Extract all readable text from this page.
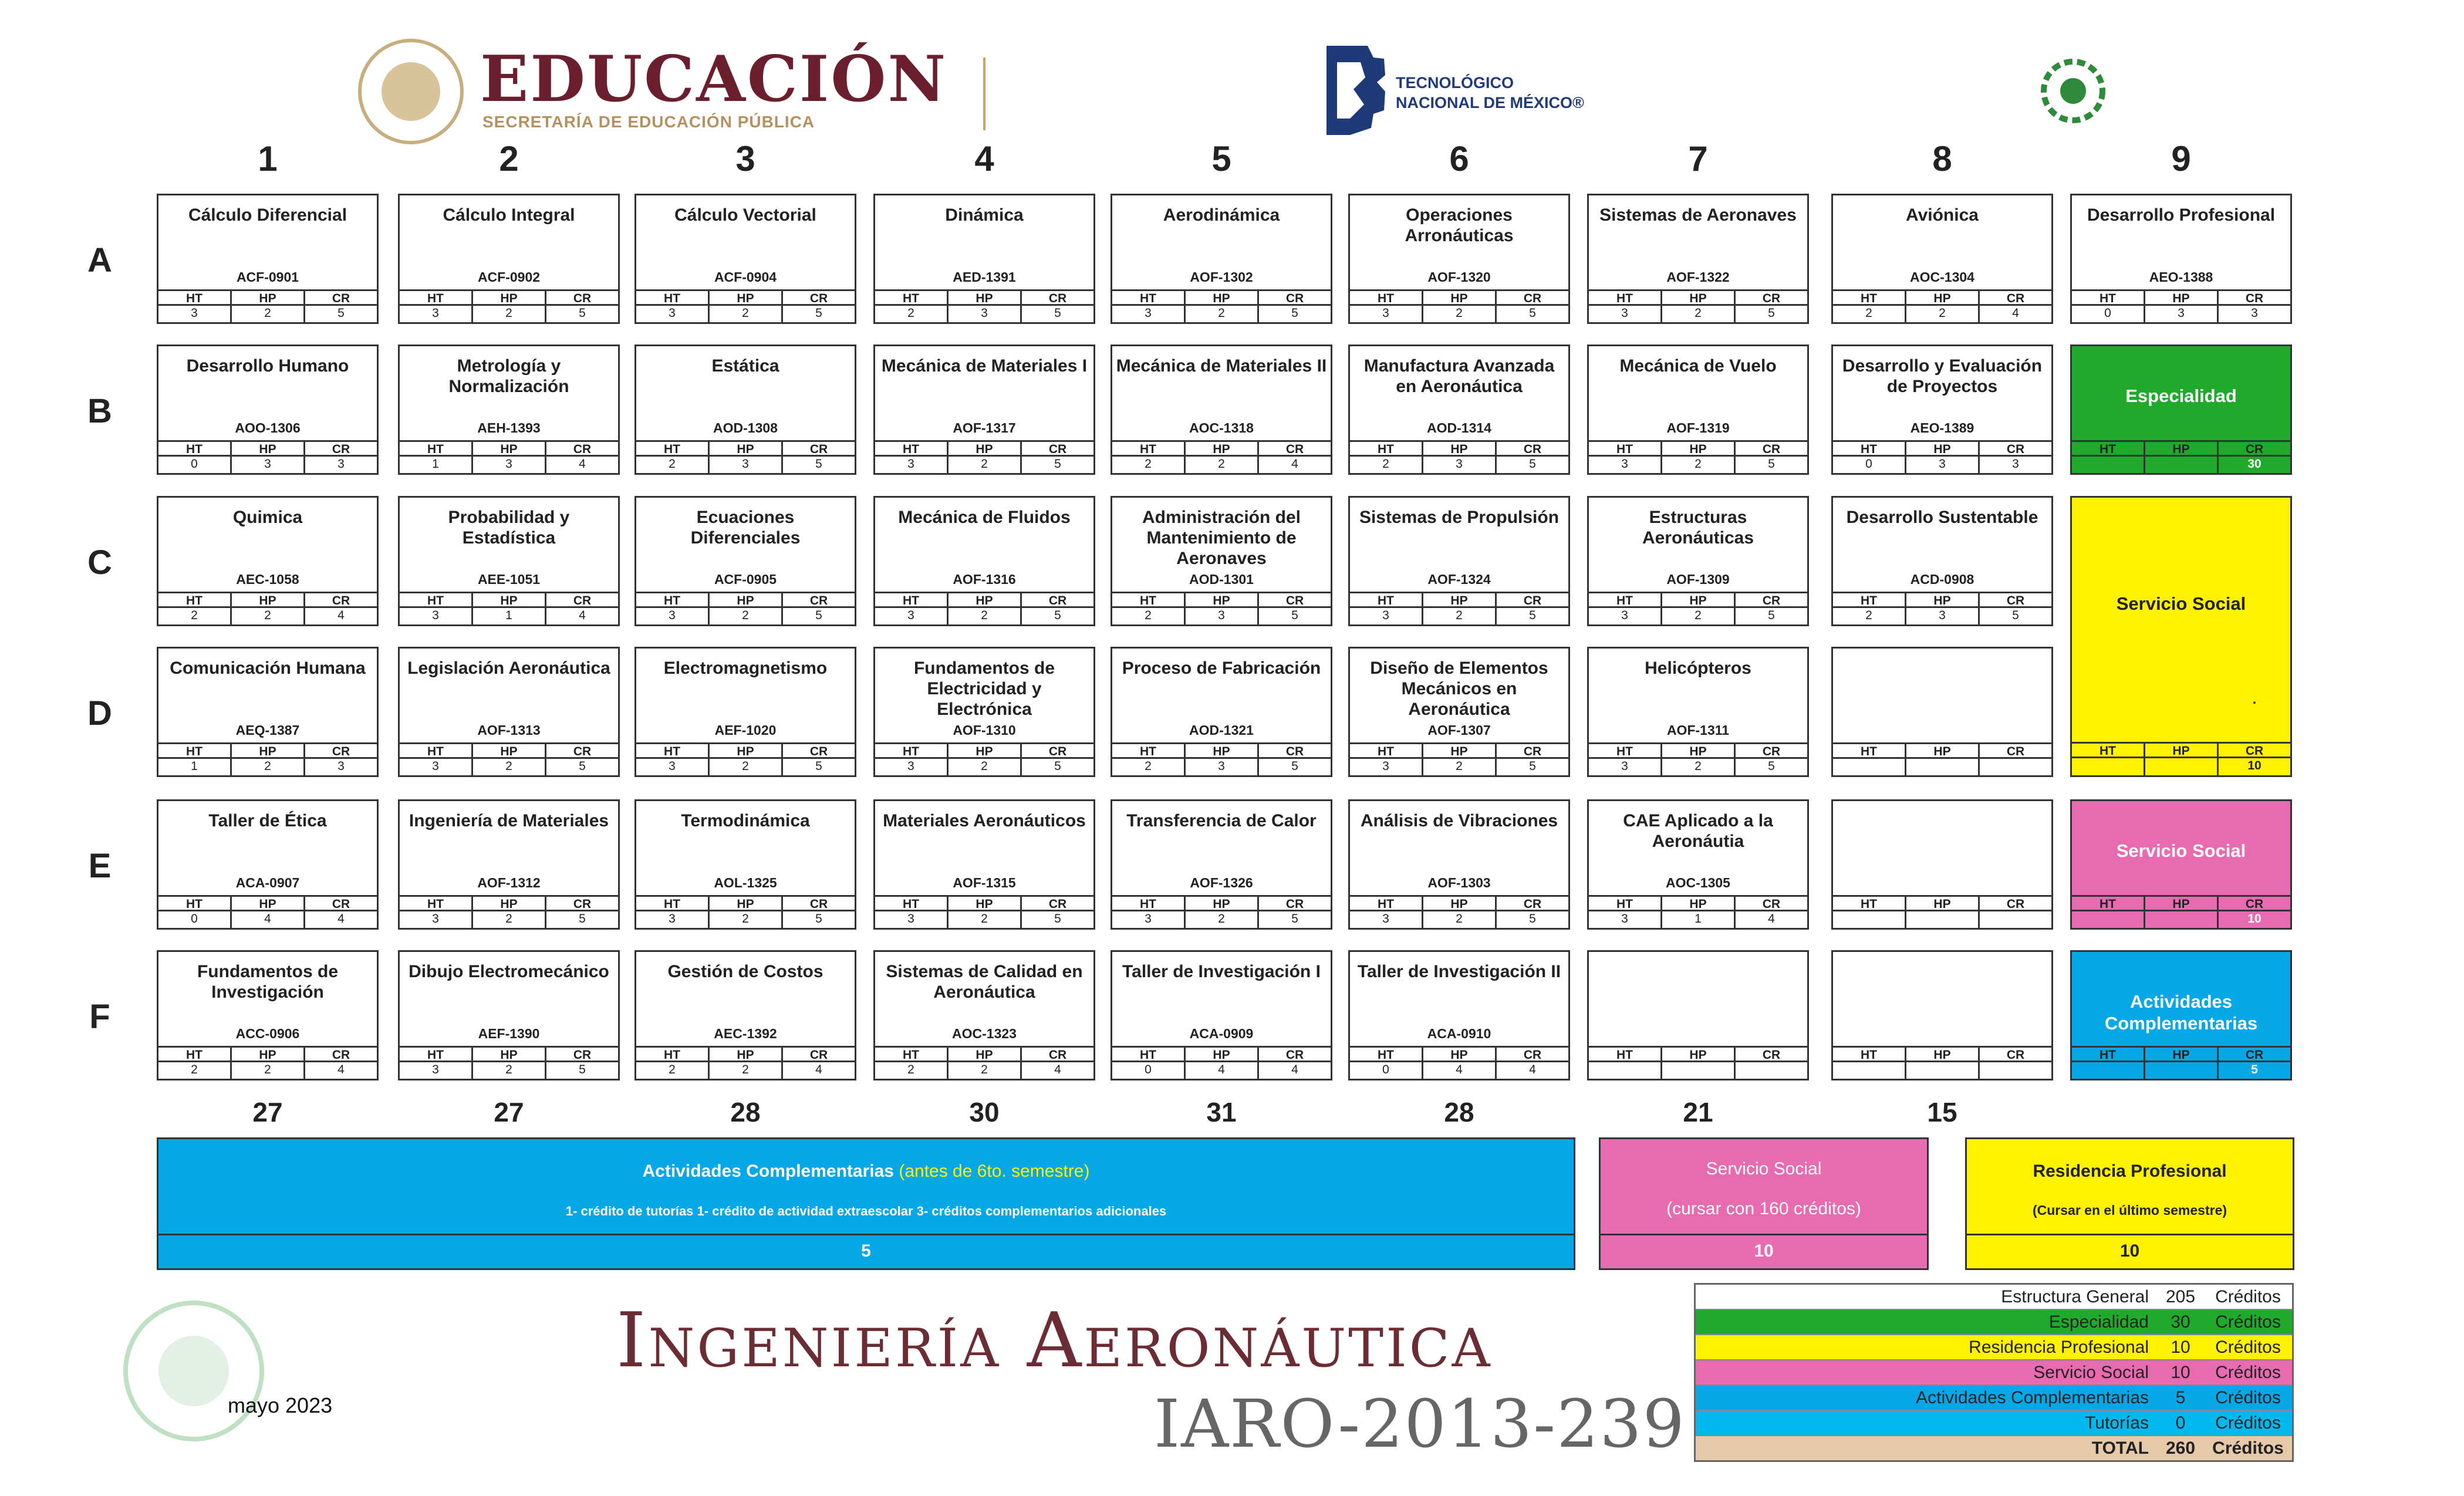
EDUCACIÓN
SECRETARÍA DE EDUCACIÓN PÚBLICA
TECNOLÓGICO
NACIONAL DE MÉXICO®
1	2	3	4	5	6	7	8	9
A
B
C
D
E
F
Cálculo Diferencial
ACF-0901
HT	HP	CR
3	2	5
Cálculo Integral
ACF-0902
HT	HP	CR
3	2	5
Cálculo Vectorial
ACF-0904
HT	HP	CR
3	2	5
Dinámica
AED-1391
HT	HP	CR
2	3	5
Aerodinámica
AOF-1302
HT	HP	CR
3	2	5
Operaciones Arronáuticas
AOF-1320
HT	HP	CR
3	2	5
Sistemas de Aeronaves
AOF-1322
HT	HP	CR
3	2	5
Aviónica
AOC-1304
HT	HP	CR
2	2	4
Desarrollo Profesional
AEO-1388
HT	HP	CR
0	3	3
Desarrollo Humano
AOO-1306
HT	HP	CR
0	3	3
Metrología y Normalización
AEH-1393
HT	HP	CR
1	3	4
Estática
AOD-1308
HT	HP	CR
2	3	5
Mecánica de Materiales I
AOF-1317
HT	HP	CR
3	2	5
Mecánica de Materiales II
AOC-1318
HT	HP	CR
2	2	4
Manufactura Avanzada en Aeronáutica
AOD-1314
HT	HP	CR
2	3	5
Mecánica de Vuelo
AOF-1319
HT	HP	CR
3	2	5
Desarrollo y Evaluación de Proyectos
AEO-1389
HT	HP	CR
0	3	3
Especialidad
HT	HP	CR
30
Quimica
AEC-1058
HT	HP	CR
2	2	4
Probabilidad y Estadística
AEE-1051
HT	HP	CR
3	1	4
Ecuaciones Diferenciales
ACF-0905
HT	HP	CR
3	2	5
Mecánica de Fluidos
AOF-1316
HT	HP	CR
3	2	5
Administración del Mantenimiento de Aeronaves
AOD-1301
HT	HP	CR
2	3	5
Sistemas de Propulsión
AOF-1324
HT	HP	CR
3	2	5
Estructuras Aeronáuticas
AOF-1309
HT	HP	CR
3	2	5
Desarrollo Sustentable
ACD-0908
HT	HP	CR
2	3	5
Comunicación Humana
AEQ-1387
HT	HP	CR
1	2	3
Legislación Aeronáutica
AOF-1313
HT	HP	CR
3	2	5
Electromagnetismo
AEF-1020
HT	HP	CR
3	2	5
Fundamentos de Electricidad y Electrónica
AOF-1310
HT	HP	CR
3	2	5
Proceso de Fabricación
AOD-1321
HT	HP	CR
2	3	5
Diseño de Elementos Mecánicos en Aeronáutica
AOF-1307
HT	HP	CR
3	2	5
Helicópteros
AOF-1311
HT	HP	CR
3	2	5
HT	HP	CR
Taller de Ética
ACA-0907
HT	HP	CR
0	4	4
Ingeniería de Materiales
AOF-1312
HT	HP	CR
3	2	5
Termodinámica
AOL-1325
HT	HP	CR
3	2	5
Materiales Aeronáuticos
AOF-1315
HT	HP	CR
3	2	5
Transferencia de Calor
AOF-1326
HT	HP	CR
3	2	5
Análisis de Vibraciones
AOF-1303
HT	HP	CR
3	2	5
CAE Aplicado a la Aeronáutia
AOC-1305
HT	HP	CR
3	1	4
HT	HP	CR
Servicio Social
HT	HP	CR
10
Fundamentos de Investigación
ACC-0906
HT	HP	CR
2	2	4
Dibujo Electromecánico
AEF-1390
HT	HP	CR
3	2	5
Gestión de Costos
AEC-1392
HT	HP	CR
2	2	4
Sistemas de Calidad en Aeronáutica
AOC-1323
HT	HP	CR
2	2	4
Taller de Investigación I
ACA-0909
HT	HP	CR
0	4	4
Taller de Investigación II
ACA-0910
HT	HP	CR
0	4	4
HT	HP	CR	HT	HP	CR
Actividades Complementarias
HT	HP	CR
5
Servicio Social
.
HT	HP	CR
10
27	27	28	30	31	28	21	15
Actividades Complementarias (antes de 6to. semestre)
1- crédito de tutorías 1- crédito de actividad extraescolar 3- créditos complementarios adicionales
5
Servicio Social
(cursar con 160 créditos)
10
Residencia Profesional
(Cursar en el último semestre)
10
mayo 2023
Ingeniería Aeronáutica
IARO-2013-239
Estructura General 205	Créditos
Especialidad	30	Créditos
Residencia Profesional	10	Créditos
Servicio Social	10	Créditos
Actividades Complementarias	5	Créditos
Tutorías	0	Créditos
TOTAL 260 Créditos
